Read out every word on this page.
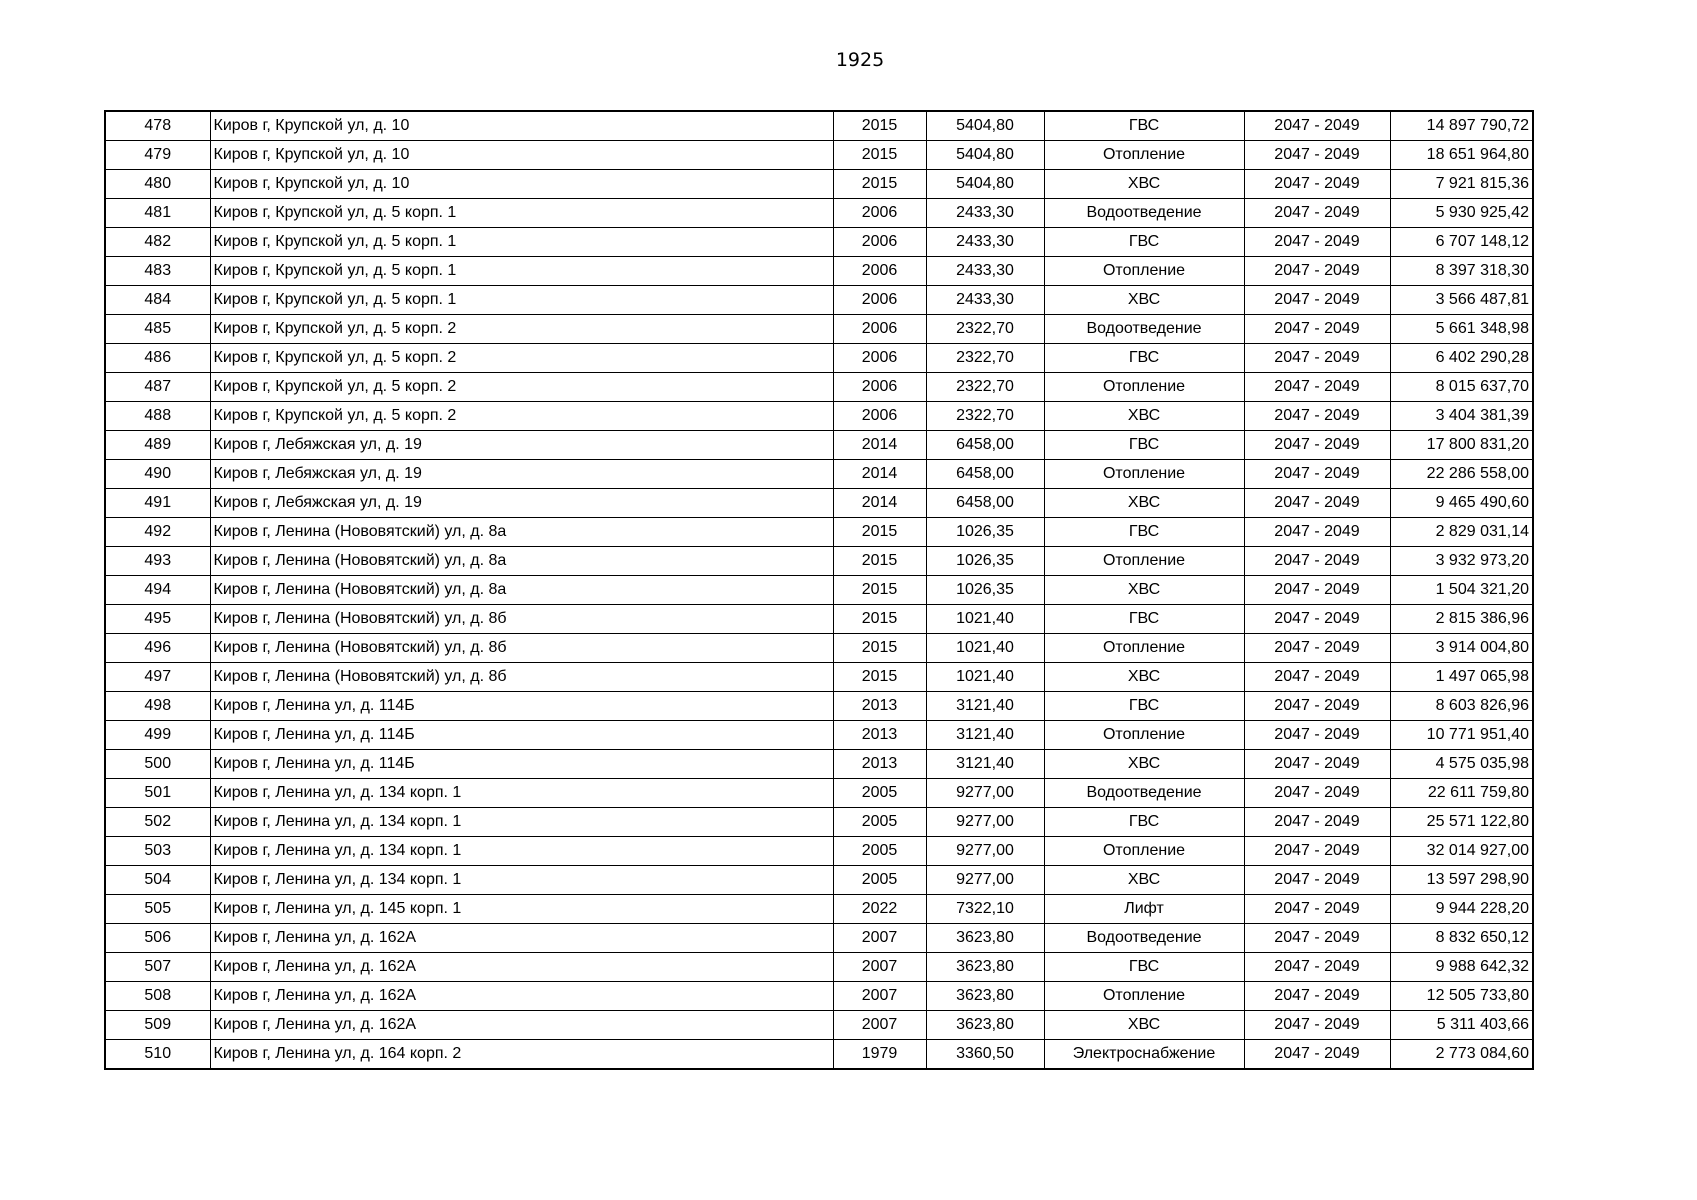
1925
478	Киров г, Крупской ул, д. 10	2015	5404,80	ГВС	2047 - 2049	14 897 790,72
479	Киров г, Крупской ул, д. 10	2015	5404,80	Отопление	2047 - 2049	18 651 964,80
480	Киров г, Крупской ул, д. 10	2015	5404,80	ХВС	2047 - 2049	7 921 815,36
481	Киров г, Крупской ул, д. 5 корп. 1	2006	2433,30	Водоотведение	2047 - 2049	5 930 925,42
482	Киров г, Крупской ул, д. 5 корп. 1	2006	2433,30	ГВС	2047 - 2049	6 707 148,12
483	Киров г, Крупской ул, д. 5 корп. 1	2006	2433,30	Отопление	2047 - 2049	8 397 318,30
484	Киров г, Крупской ул, д. 5 корп. 1	2006	2433,30	ХВС	2047 - 2049	3 566 487,81
485	Киров г, Крупской ул, д. 5 корп. 2	2006	2322,70	Водоотведение	2047 - 2049	5 661 348,98
486	Киров г, Крупской ул, д. 5 корп. 2	2006	2322,70	ГВС	2047 - 2049	6 402 290,28
487	Киров г, Крупской ул, д. 5 корп. 2	2006	2322,70	Отопление	2047 - 2049	8 015 637,70
488	Киров г, Крупской ул, д. 5 корп. 2	2006	2322,70	ХВС	2047 - 2049	3 404 381,39
489	Киров г, Лебяжская ул, д. 19	2014	6458,00	ГВС	2047 - 2049	17 800 831,20
490	Киров г, Лебяжская ул, д. 19	2014	6458,00	Отопление	2047 - 2049	22 286 558,00
491	Киров г, Лебяжская ул, д. 19	2014	6458,00	ХВС	2047 - 2049	9 465 490,60
492	Киров г, Ленина (Нововятский) ул, д. 8а	2015	1026,35	ГВС	2047 - 2049	2 829 031,14
493	Киров г, Ленина (Нововятский) ул, д. 8а	2015	1026,35	Отопление	2047 - 2049	3 932 973,20
494	Киров г, Ленина (Нововятский) ул, д. 8а	2015	1026,35	ХВС	2047 - 2049	1 504 321,20
495	Киров г, Ленина (Нововятский) ул, д. 8б	2015	1021,40	ГВС	2047 - 2049	2 815 386,96
496	Киров г, Ленина (Нововятский) ул, д. 8б	2015	1021,40	Отопление	2047 - 2049	3 914 004,80
497	Киров г, Ленина (Нововятский) ул, д. 8б	2015	1021,40	ХВС	2047 - 2049	1 497 065,98
498	Киров г, Ленина ул, д. 114Б	2013	3121,40	ГВС	2047 - 2049	8 603 826,96
499	Киров г, Ленина ул, д. 114Б	2013	3121,40	Отопление	2047 - 2049	10 771 951,40
500	Киров г, Ленина ул, д. 114Б	2013	3121,40	ХВС	2047 - 2049	4 575 035,98
501	Киров г, Ленина ул, д. 134 корп. 1	2005	9277,00	Водоотведение	2047 - 2049	22 611 759,80
502	Киров г, Ленина ул, д. 134 корп. 1	2005	9277,00	ГВС	2047 - 2049	25 571 122,80
503	Киров г, Ленина ул, д. 134 корп. 1	2005	9277,00	Отопление	2047 - 2049	32 014 927,00
504	Киров г, Ленина ул, д. 134 корп. 1	2005	9277,00	ХВС	2047 - 2049	13 597 298,90
505	Киров г, Ленина ул, д. 145 корп. 1	2022	7322,10	Лифт	2047 - 2049	9 944 228,20
506	Киров г, Ленина ул, д. 162А	2007	3623,80	Водоотведение	2047 - 2049	8 832 650,12
507	Киров г, Ленина ул, д. 162А	2007	3623,80	ГВС	2047 - 2049	9 988 642,32
508	Киров г, Ленина ул, д. 162А	2007	3623,80	Отопление	2047 - 2049	12 505 733,80
509	Киров г, Ленина ул, д. 162А	2007	3623,80	ХВС	2047 - 2049	5 311 403,66
510	Киров г, Ленина ул, д. 164 корп. 2	1979	3360,50	Электроснабжение	2047 - 2049	2 773 084,60
